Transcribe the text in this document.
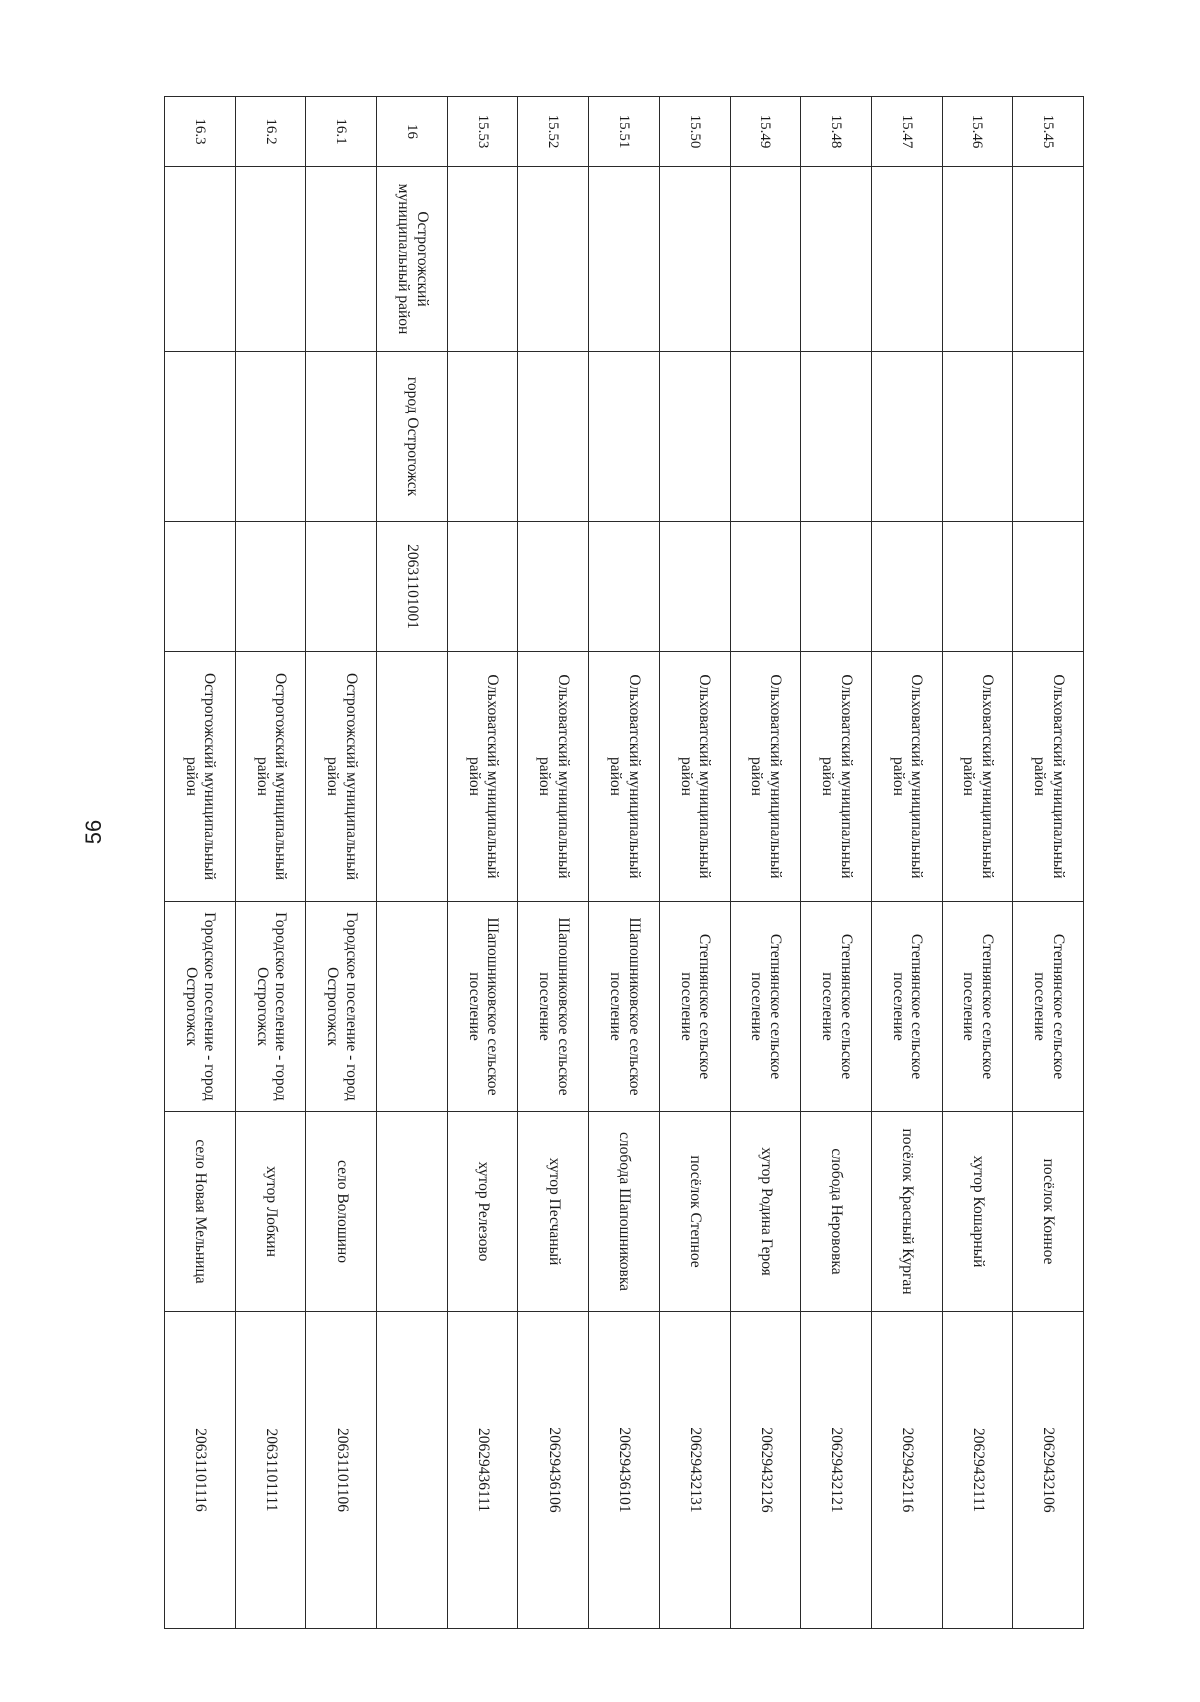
56
15.45				Ольховатский муниципальный район	Степнянское сельское поселение	посёлок Конное	20629432106
15.46				Ольховатский муниципальный район	Степнянское сельское поселение	хутор Кошарный	20629432111
15.47				Ольховатский муниципальный район	Степнянское сельское поселение	посёлок Красный Курган	20629432116
15.48				Ольховатский муниципальный район	Степнянское сельское поселение	слобода Нерововка	20629432121
15.49				Ольховатский муниципальный район	Степнянское сельское поселение	хутор Родина Героя	20629432126
15.50				Ольховатский муниципальный район	Степнянское сельское поселение	посёлок Степное	20629432131
15.51				Ольховатский муниципальный район	Шапошниковское сельское поселение	слобода Шапошниковка	20629436101
15.52				Ольховатский муниципальный район	Шапошниковское сельское поселение	хутор Песчаный	20629436106
15.53				Ольховатский муниципальный район	Шапошниковское сельское поселение	хутор Релезово	20629436111
16	Острогожский муниципальный район	город Острогожск	20631101001				
16.1				Острогожский муниципальный район	Городское поселение - город Острогожск	село Волошино	20631101106
16.2				Острогожский муниципальный район	Городское поселение - город Острогожск	хутор Лобкин	20631101111
16.3				Острогожский муниципальный район	Городское поселение - город Острогожск	село Новая Мельница	20631101116
